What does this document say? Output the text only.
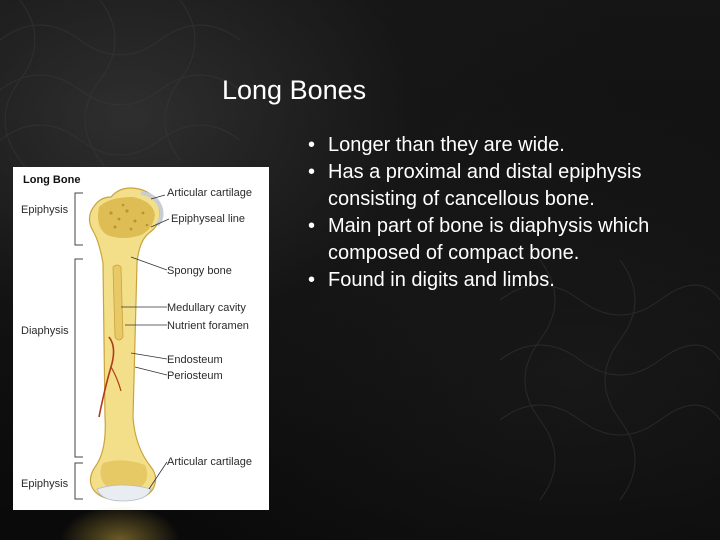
Long Bones
• Longer than they are wide.
• Has a proximal and distal epiphysis consisting of cancellous bone.
• Main part of bone is diaphysis which composed of compact bone.
• Found in digits and limbs.
Long Bone
Epiphysis
Diaphysis
Epiphysis
Articular cartilage
Epiphyseal line
Spongy bone
Medullary cavity
Nutrient foramen
Endosteum
Periosteum
Articular cartilage
